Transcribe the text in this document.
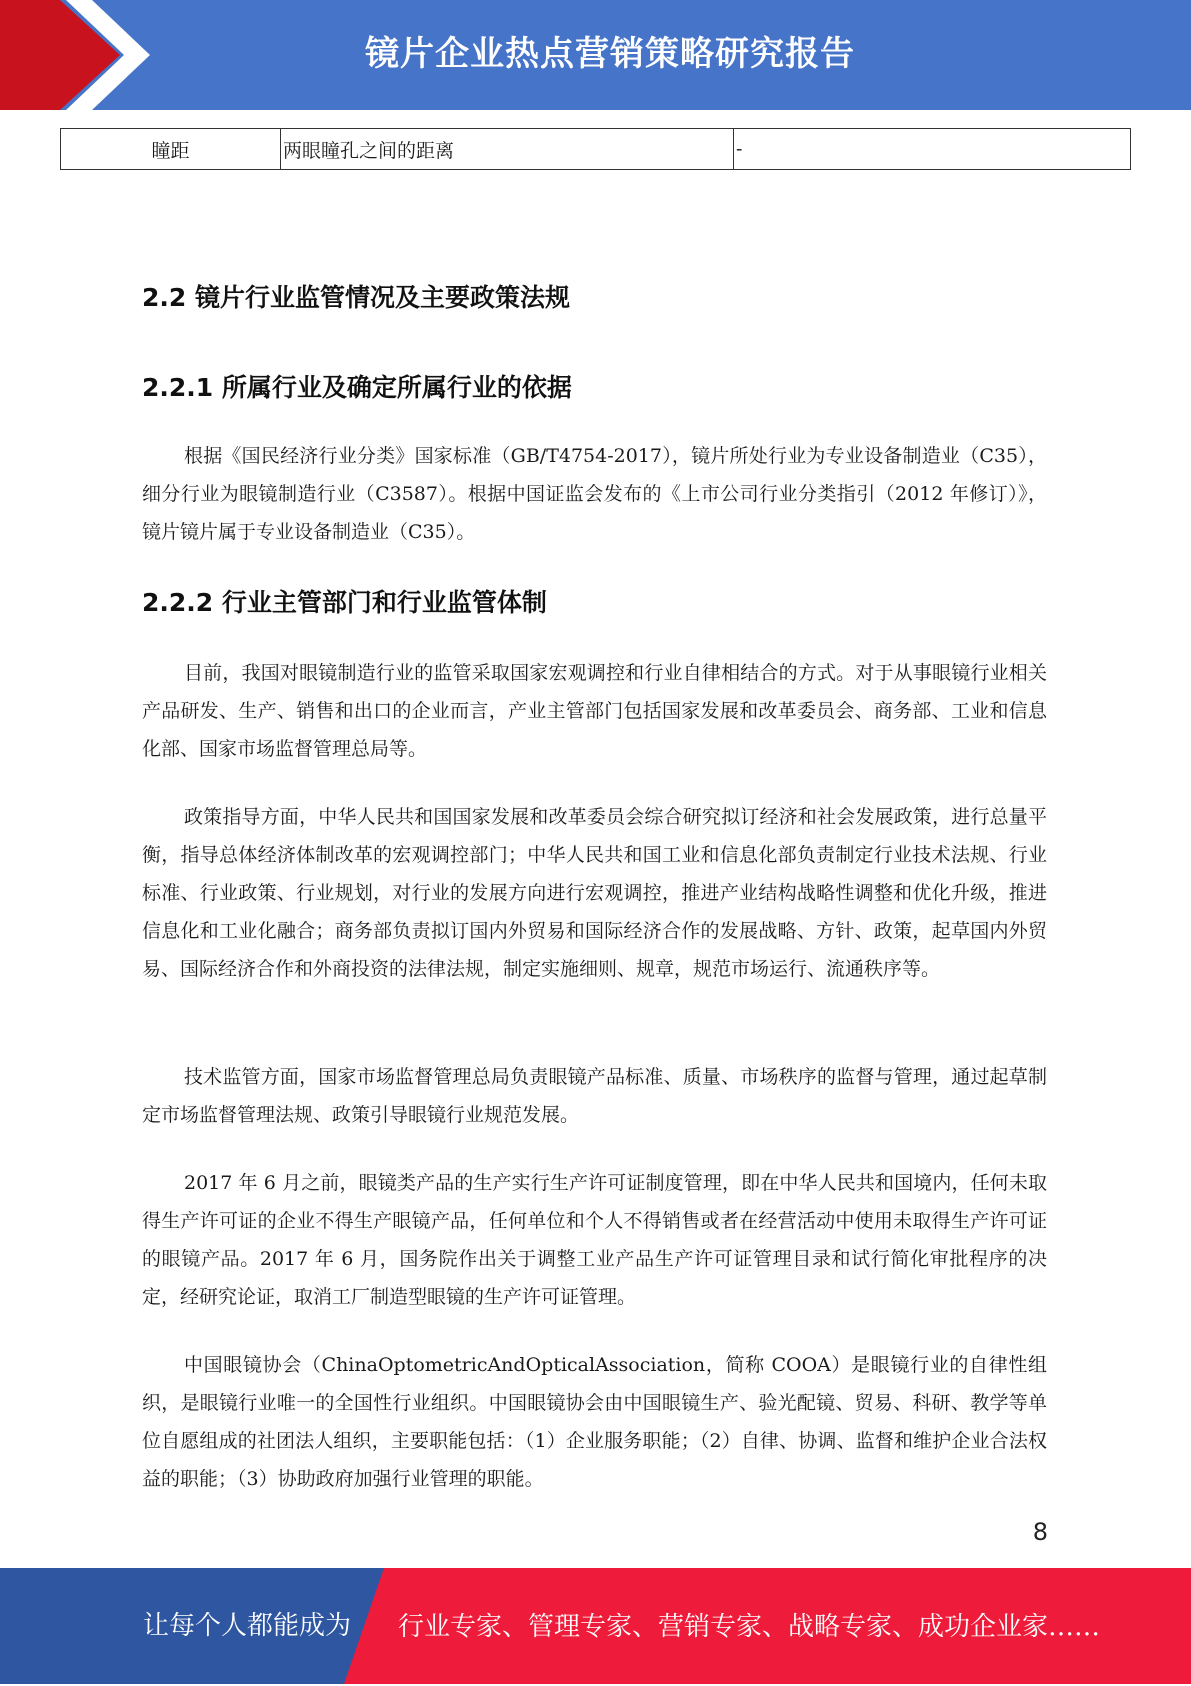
镜片企业热点营销策略研究报告
瞳距	两眼瞳孔之间的距离	-
2.2 镜片行业监管情况及主要政策法规
2.2.1 所属行业及确定所属行业的依据
根据《国民经济行业分类》国家标准（GB/T4754-2017），镜片所处行业为专业设备制造业（C35），细分行业为眼镜制造行业（C3587）。根据中国证监会发布的《上市公司行业分类指引（2012 年修订）》，镜片镜片属于专业设备制造业（C35）。
2.2.2 行业主管部门和行业监管体制
目前，我国对眼镜制造行业的监管采取国家宏观调控和行业自律相结合的方式。对于从事眼镜行业相关产品研发、生产、销售和出口的企业而言，产业主管部门包括国家发展和改革委员会、商务部、工业和信息化部、国家市场监督管理总局等。
政策指导方面，中华人民共和国国家发展和改革委员会综合研究拟订经济和社会发展政策，进行总量平衡，指导总体经济体制改革的宏观调控部门；中华人民共和国工业和信息化部负责制定行业技术法规、行业标准、行业政策、行业规划，对行业的发展方向进行宏观调控，推进产业结构战略性调整和优化升级，推进信息化和工业化融合；商务部负责拟订国内外贸易和国际经济合作的发展战略、方针、政策，起草国内外贸易、国际经济合作和外商投资的法律法规，制定实施细则、规章，规范市场运行、流通秩序等。
技术监管方面，国家市场监督管理总局负责眼镜产品标准、质量、市场秩序的监督与管理，通过起草制定市场监督管理法规、政策引导眼镜行业规范发展。
2017 年 6 月之前，眼镜类产品的生产实行生产许可证制度管理，即在中华人民共和国境内，任何未取得生产许可证的企业不得生产眼镜产品，任何单位和个人不得销售或者在经营活动中使用未取得生产许可证的眼镜产品。2017 年 6 月，国务院作出关于调整工业产品生产许可证管理目录和试行简化审批程序的决定，经研究论证，取消工厂制造型眼镜的生产许可证管理。
中国眼镜协会（ChinaOptometricAndOpticalAssociation，简称 COOA）是眼镜行业的自律性组织，是眼镜行业唯一的全国性行业组织。中国眼镜协会由中国眼镜生产、验光配镜、贸易、科研、教学等单位自愿组成的社团法人组织，主要职能包括：（1）企业服务职能；（2）自律、协调、监督和维护企业合法权益的职能；（3）协助政府加强行业管理的职能。
8
让每个人都能成为 行业专家、管理专家、营销专家、战略专家、成功企业家……
